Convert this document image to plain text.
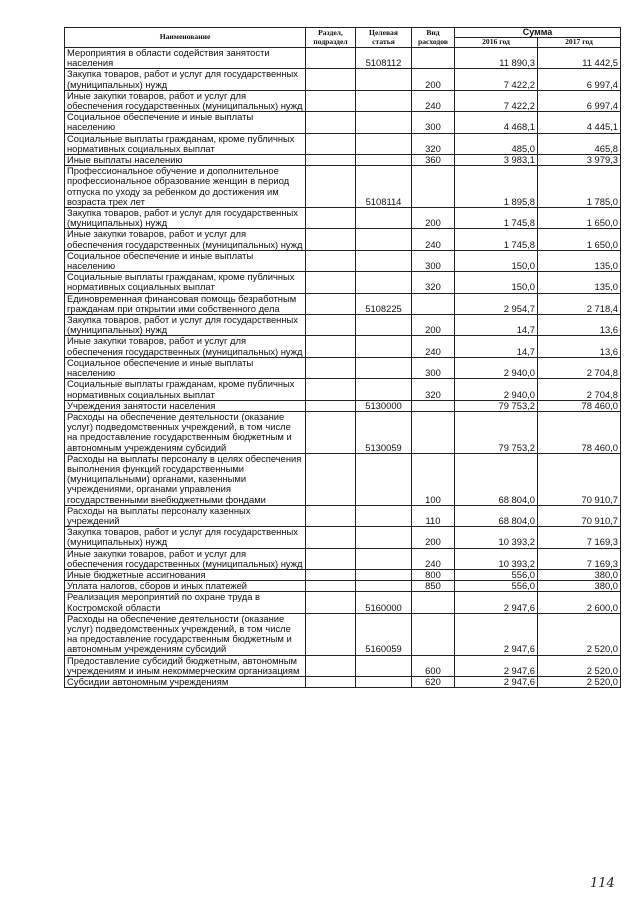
Наименование	Раздел, подраздел	Целевая статья	Вид расходов	Сумма	
				2016 год	2017 год
Мероприятия в области содействия занятости населения		5108112		11 890,3	11 442,5
Закупка товаров, работ и услуг для государственных (муниципальных) нужд			200	7 422,2	6 997,4
Иные закупки товаров, работ и услуг для обеспечения государственных (муниципальных) нужд			240	7 422,2	6 997,4
Социальное обеспечение и иные выплаты населению			300	4 468,1	4 445,1
Социальные выплаты гражданам, кроме публичных нормативных социальных выплат			320	485,0	465,8
Иные выплаты населению			360	3 983,1	3 979,3
Профессиональное обучение и дополнительное профессиональное образование женщин в период отпуска по уходу за ребенком до достижения им возраста трех лет		5108114		1 895,8	1 785,0
Закупка товаров, работ и услуг для государственных (муниципальных) нужд			200	1 745,8	1 650,0
Иные закупки товаров, работ и услуг для обеспечения государственных (муниципальных) нужд			240	1 745,8	1 650,0
Социальное обеспечение и иные выплаты населению			300	150,0	135,0
Социальные выплаты гражданам, кроме публичных нормативных социальных выплат			320	150,0	135,0
Единовременная финансовая помощь безработным гражданам при открытии ими собственного дела		5108225		2 954,7	2 718,4
Закупка товаров, работ и услуг для государственных (муниципальных) нужд			200	14,7	13,6
Иные закупки товаров, работ и услуг для обеспечения государственных (муниципальных) нужд			240	14,7	13,6
Социальное обеспечение и иные выплаты населению			300	2 940,0	2 704,8
Социальные выплаты гражданам, кроме публичных нормативных социальных выплат			320	2 940,0	2 704,8
Учреждения занятости населения		5130000		79 753,2	78 460,0
Расходы на обеспечение деятельности (оказание услуг) подведомственных учреждений, в том числе на предоставление государственным бюджетным и автономным учреждениям субсидий		5130059		79 753,2	78 460,0
Расходы на выплаты персоналу в целях обеспечения выполнения функций государственными (муниципальными) органами, казенными учреждениями, органами управления государственными внебюджетными фондами			100	68 804,0	70 910,7
Расходы на выплаты персоналу казенных учреждений			110	68 804,0	70 910,7
Закупка товаров, работ и услуг для государственных (муниципальных) нужд			200	10 393,2	7 169,3
Иные закупки товаров, работ и услуг для обеспечения государственных (муниципальных) нужд			240	10 393,2	7 169,3
Иные бюджетные ассигнования			800	556,0	380,0
Уплата налогов, сборов и иных платежей			850	556,0	380,0
Реализация мероприятий по охране труда в Костромской области		5160000		2 947,6	2 600,0
Расходы на обеспечение деятельности (оказание услуг) подведомственных учреждений, в том числе на предоставление государственным бюджетным и автономным учреждениям субсидий		5160059		2 947,6	2 520,0
Предоставление субсидий бюджетным, автономным учреждениям и иным некоммерческим организациям			600	2 947,6	2 520,0
Субсидии автономным учреждениям			620	2 947,6	2 520,0
114
